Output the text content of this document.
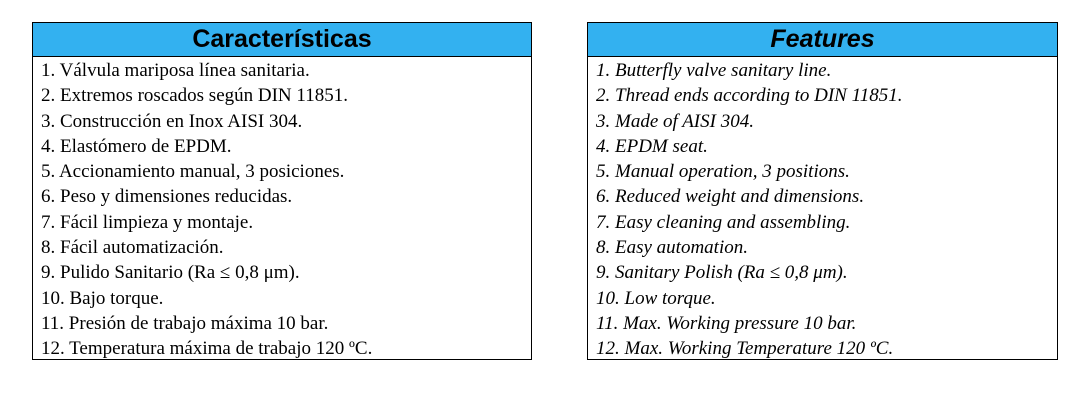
Características
1. Válvula mariposa línea sanitaria.
2. Extremos roscados según DIN 11851.
3. Construcción en Inox AISI 304.
4. Elastómero de EPDM.
5. Accionamiento manual, 3 posiciones.
6. Peso y dimensiones reducidas.
7. Fácil limpieza y montaje.
8. Fácil automatización.
9. Pulido Sanitario (Ra ≤ 0,8 μm).
10. Bajo torque.
11. Presión de trabajo máxima 10 bar.
12. Temperatura máxima de trabajo 120 ºC.
Features
1. Butterfly valve sanitary line.
2. Thread ends according to DIN 11851.
3. Made of AISI 304.
4. EPDM seat.
5. Manual operation, 3 positions.
6. Reduced weight and dimensions.
7. Easy cleaning and assembling.
8. Easy automation.
9. Sanitary Polish (Ra ≤ 0,8 μm).
10. Low torque.
11. Max. Working pressure 10 bar.
12. Max. Working Temperature 120 ºC.
